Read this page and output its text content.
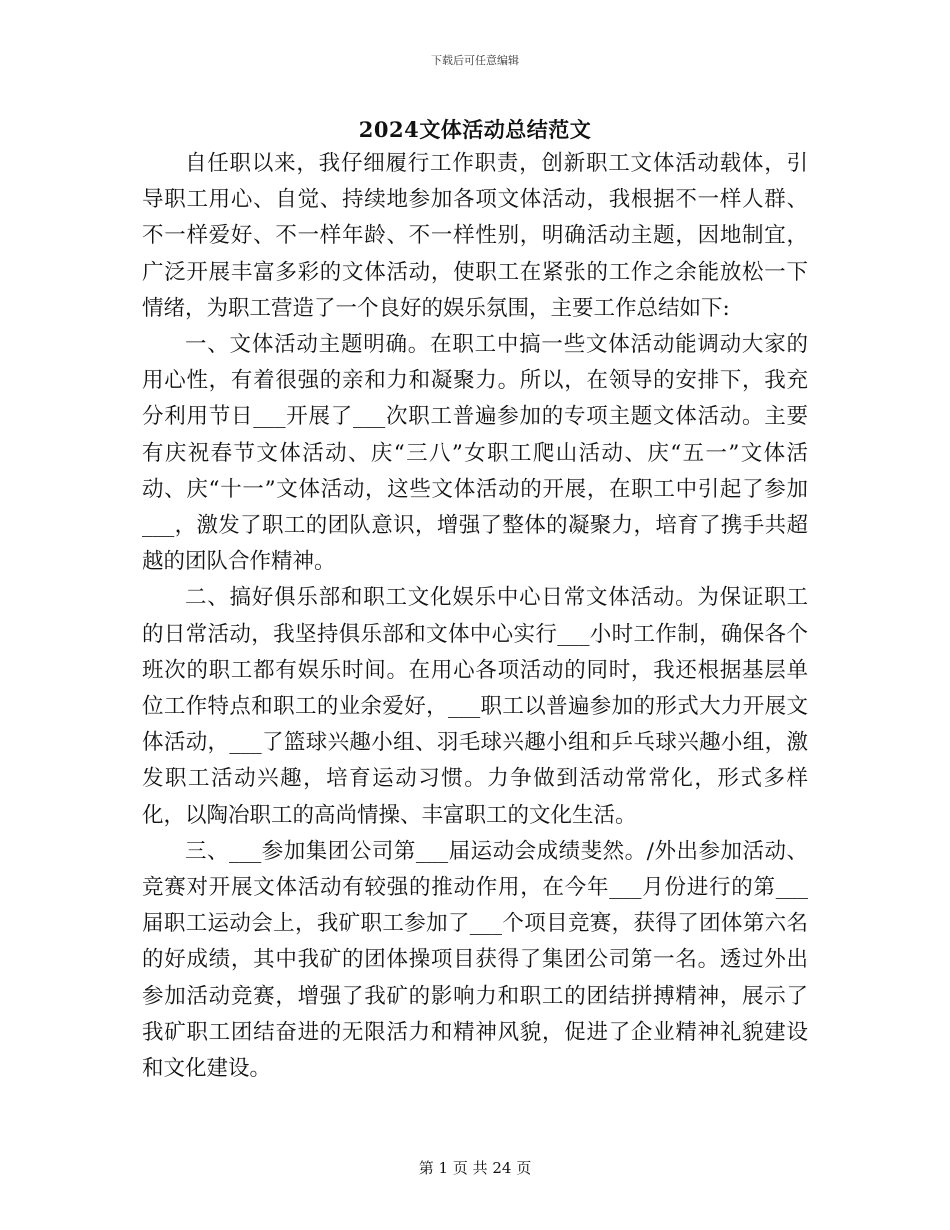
下载后可任意编辑
2024文体活动总结范文

自任职以来，我仔细履行工作职责，创新职工文体活动载体，引导职工用心、自觉、持续地参加各项文体活动，我根据不一样人群、不一样爱好、不一样年龄、不一样性别，明确活动主题，因地制宜，广泛开展丰富多彩的文体活动，使职工在紧张的工作之余能放松一下情绪，为职工营造了一个良好的娱乐氛围，主要工作总结如下:

一、文体活动主题明确。在职工中搞一些文体活动能调动大家的用心性，有着很强的亲和力和凝聚力。所以，在领导的安排下，我充分利用节日___开展了___次职工普遍参加的专项主题文体活动。主要有庆祝春节文体活动、庆“三八”女职工爬山活动、庆“五一”文体活动、庆“十一”文体活动，这些文体活动的开展，在职工中引起了参加___，激发了职工的团队意识，增强了整体的凝聚力，培育了携手共超越的团队合作精神。

二、搞好俱乐部和职工文化娱乐中心日常文体活动。为保证职工的日常活动，我坚持俱乐部和文体中心实行___小时工作制，确保各个班次的职工都有娱乐时间。在用心各项活动的同时，我还根据基层单位工作特点和职工的业余爱好，___职工以普遍参加的形式大力开展文体活动，___了篮球兴趣小组、羽毛球兴趣小组和乒乓球兴趣小组，激发职工活动兴趣，培育运动习惯。力争做到活动常常化，形式多样化，以陶冶职工的高尚情操、丰富职工的文化生活。

三、___参加集团公司第___届运动会成绩斐然。/外出参加活动、竞赛对开展文体活动有较强的推动作用，在今年___月份进行的第___届职工运动会上，我矿职工参加了___个项目竞赛，获得了团体第六名的好成绩，其中我矿的团体操项目获得了集团公司第一名。透过外出参加活动竞赛，增强了我矿的影响力和职工的团结拼搏精神，展示了我矿职工团结奋进的无限活力和精神风貌，促进了企业精神礼貌建设和文化建设。

第 1 页 共 24 页
